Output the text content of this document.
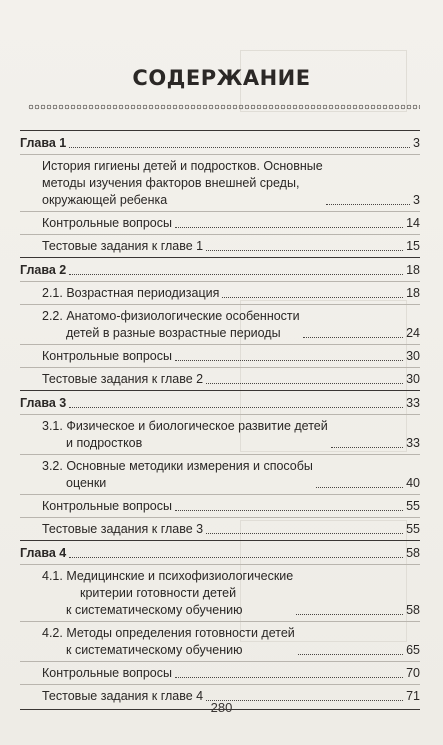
СОДЕРЖАНИЕ
Глава 1	3
История гигиены детей и подростков. Основные
методы изучения факторов внешней среды,
окружающей ребенка	3
Контрольные вопросы	14
Тестовые задания к главе 1	15
Глава 2	18
2.1. Возрастная периодизация	18
2.2. Анатомо-физиологические особенности
детей в разные возрастные периоды	24
Контрольные вопросы	30
Тестовые задания к главе 2	30
Глава 3	33
3.1. Физическое и биологическое развитие детей
и подростков	33
3.2. Основные методики измерения и способы
оценки	40
Контрольные вопросы	55
Тестовые задания к главе 3	55
Глава 4	58
4.1. Медицинские и психофизиологические
критерии готовности детей
к систематическому обучению	58
4.2. Методы определения готовности детей
к систематическому обучению	65
Контрольные вопросы	70
Тестовые задания к главе 4	71
280
